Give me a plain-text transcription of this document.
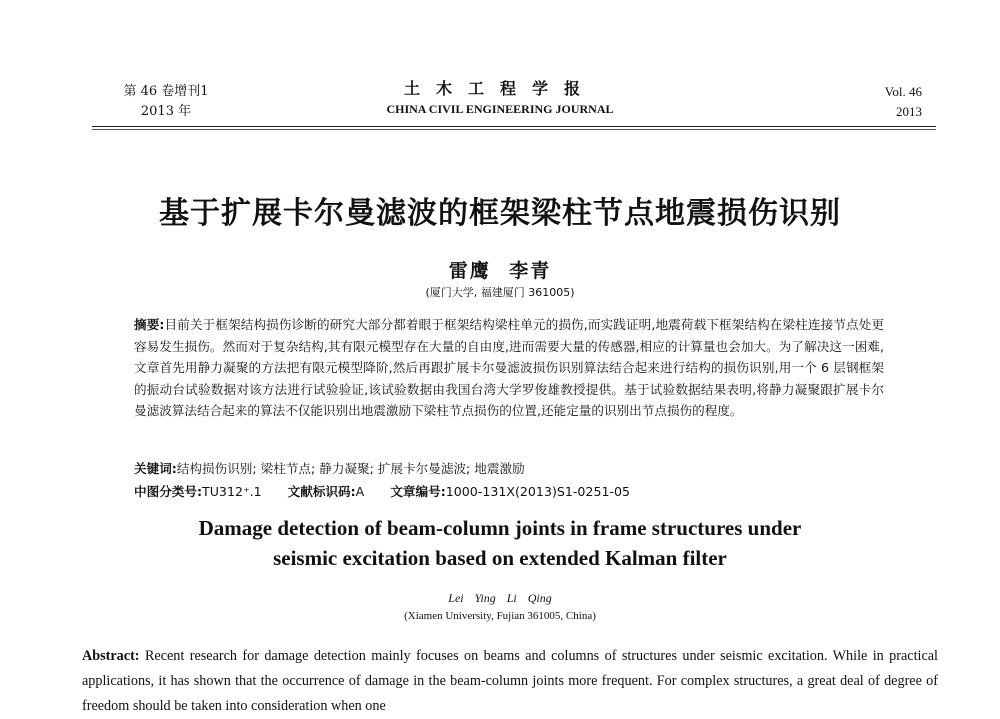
第 46 卷增刊1
2013 年
土木工程学报
CHINA CIVIL ENGINEERING JOURNAL
Vol. 46
2013
基于扩展卡尔曼滤波的框架梁柱节点地震损伤识别
雷鹰 李青
(厦门大学, 福建厦门 361005)
摘要:目前关于框架结构损伤诊断的研究大部分都着眼于框架结构梁柱单元的损伤,而实践证明,地震荷载下框架结构在梁柱连接节点处更容易发生损伤。然而对于复杂结构,其有限元模型存在大量的自由度,进而需要大量的传感器,相应的计算量也会加大。为了解决这一困难,文章首先用静力凝聚的方法把有限元模型降阶,然后再跟扩展卡尔曼滤波损伤识别算法结合起来进行结构的损伤识别,用一个 6 层钢框架的振动台试验数据对该方法进行试验验证,该试验数据由我国台湾大学罗俊雄教授提供。基于试验数据结果表明,将静力凝聚跟扩展卡尔曼滤波算法结合起来的算法不仅能识别出地震激励下梁柱节点损伤的位置,还能定量的识别出节点损伤的程度。
关键词:结构损伤识别; 梁柱节点; 静力凝聚; 扩展卡尔曼滤波; 地震激励
中图分类号:TU312⁺.1 文献标识码:A 文章编号:1000-131X(2013)S1-0251-05
Damage detection of beam-column joints in frame structures under
seismic excitation based on extended Kalman filter
Lei Ying Li Qing
(Xiamen University, Fujian 361005, China)
Abstract: Recent research for damage detection mainly focuses on beams and columns of structures under seismic excitation. While in practical applications, it has shown that the occurrence of damage in the beam-column joints more frequent. For complex structures, a great deal of degree of freedom should be taken into consideration when one
